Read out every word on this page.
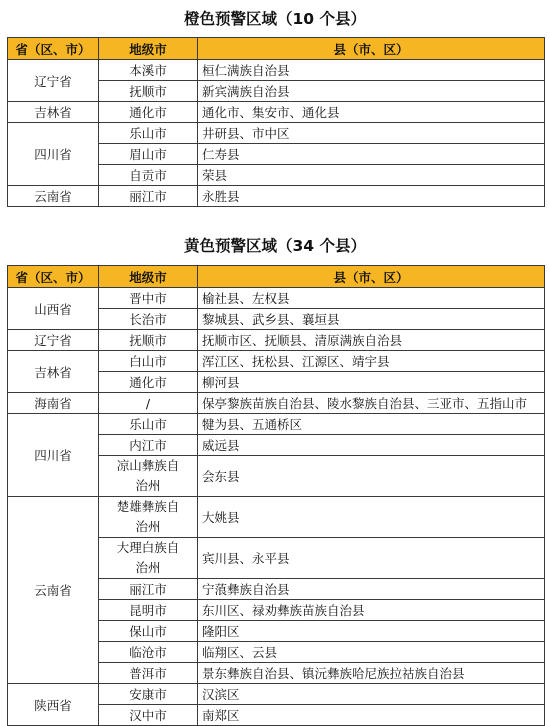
橙色预警区域（10 个县）
省（区、市）	地级市	县（市、区）
辽宁省	本溪市	桓仁满族自治县
	抚顺市	新宾满族自治县
吉林省	通化市	通化市、集安市、通化县
四川省	乐山市	井研县、市中区
	眉山市	仁寿县
	自贡市	荣县
云南省	丽江市	永胜县
黄色预警区域（34 个县）
省（区、市）	地级市	县（市、区）
山西省	晋中市	榆社县、左权县
	长治市	黎城县、武乡县、襄垣县
辽宁省	抚顺市	抚顺市区、抚顺县、清原满族自治县
吉林省	白山市	浑江区、抚松县、江源区、靖宇县
	通化市	柳河县
海南省	/	保亭黎族苗族自治县、陵水黎族自治县、三亚市、五指山市
四川省	乐山市	犍为县、五通桥区
	内江市	威远县
	凉山彝族自治州	会东县
云南省	楚雄彝族自治州	大姚县
	大理白族自治州	宾川县、永平县
	丽江市	宁蒗彝族自治县
	昆明市	东川区、禄劝彝族苗族自治县
	保山市	隆阳区
	临沧市	临翔区、云县
	普洱市	景东彝族自治县、镇沅彝族哈尼族拉祜族自治县
陕西省	安康市	汉滨区
	汉中市	南郑区
